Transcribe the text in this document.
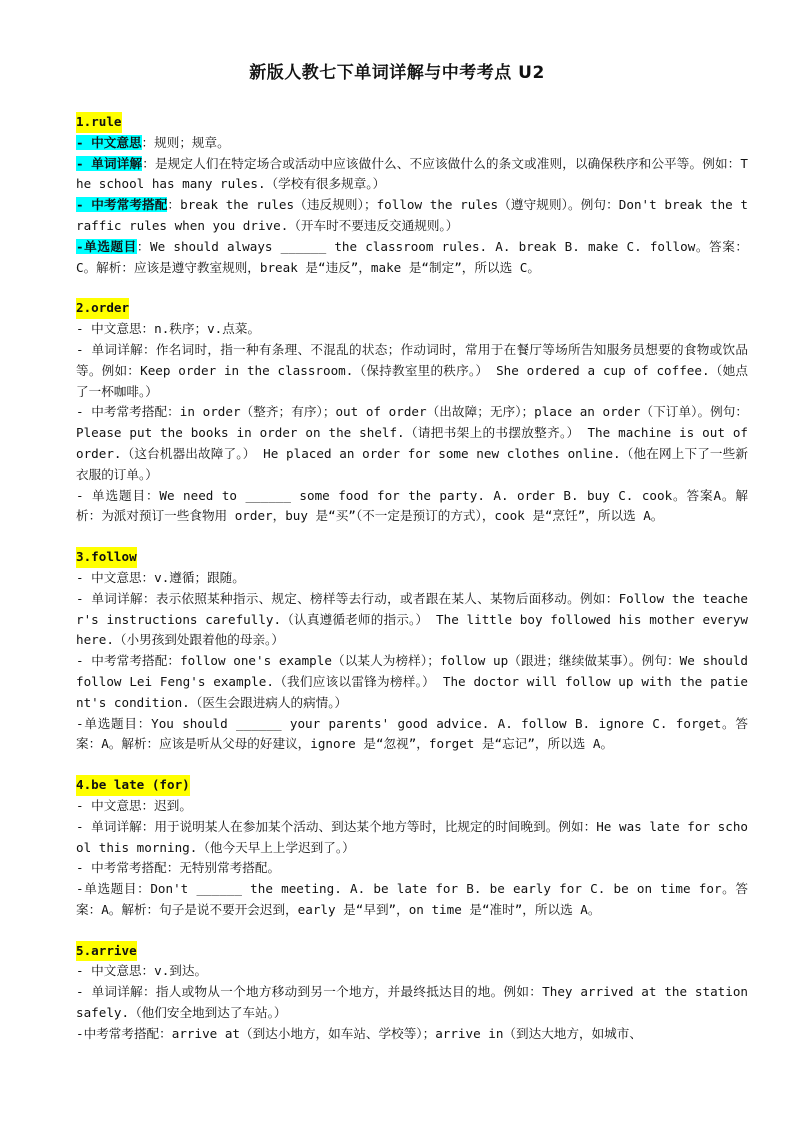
新版人教七下单词详解与中考考点 U2
1.rule

- 中文意思：规则；规章。

- 单词详解：是规定人们在特定场合或活动中应该做什么、不应该做什么的条文或准则，以确保秩序和公平等。例如：The school has many rules.（学校有很多规章。）

- 中考常考搭配：break the rules（违反规则）；follow the rules（遵守规则）。例句：Don't break the traffic rules when you drive.（开车时不要违反交通规则。）

-单选题目：We should always ______ the classroom rules. A. break B. make C. follow。答案：C。解析：应该是遵守教室规则，break 是“违反”，make 是“制定”，所以选 C。

2.order

- 中文意思：n.秩序；v.点菜。

- 单词详解：作名词时，指一种有条理、不混乱的状态；作动词时，常用于在餐厅等场所告知服务员想要的食物或饮品等。例如：Keep order in the classroom.（保持教室里的秩序。） She ordered a cup of coffee.（她点了一杯咖啡。）

- 中考常考搭配：in order（整齐；有序）；out of order（出故障；无序）；place an order（下订单）。例句：Please put the books in order on the shelf.（请把书架上的书摆放整齐。） The machine is out of order.（这台机器出故障了。） He placed an order for some new clothes online.（他在网上下了一些新衣服的订单。）

- 单选题目：We need to ______ some food for the party. A. order B. buy C. cook。答案A。解析：为派对预订一些食物用 order，buy 是“买”（不一定是预订的方式），cook 是“烹饪”，所以选 A。

3.follow

- 中文意思：v.遵循；跟随。

- 单词详解：表示依照某种指示、规定、榜样等去行动，或者跟在某人、某物后面移动。例如：Follow the teacher's instructions carefully.（认真遵循老师的指示。） The little boy followed his mother everywhere.（小男孩到处跟着他的母亲。）

- 中考常考搭配：follow one's example（以某人为榜样）；follow up（跟进；继续做某事）。例句：We should follow Lei Feng's example.（我们应该以雷锋为榜样。） The doctor will follow up with the patient's condition.（医生会跟进病人的病情。）

-单选题目：You should ______ your parents' good advice. A. follow B. ignore C. forget。答案：A。解析：应该是听从父母的好建议，ignore 是“忽视”，forget 是“忘记”，所以选 A。

4.be late (for)

- 中文意思：迟到。

- 单词详解：用于说明某人在参加某个活动、到达某个地方等时，比规定的时间晚到。例如：He was late for school this morning.（他今天早上上学迟到了。）

- 中考常考搭配：无特别常考搭配。

-单选题目：Don't ______ the meeting. A. be late for B. be early for C. be on time for。答案：A。解析：句子是说不要开会迟到，early 是“早到”，on time 是“准时”，所以选 A。

5.arrive

- 中文意思：v.到达。

- 单词详解：指人或物从一个地方移动到另一个地方，并最终抵达目的地。例如：They arrived at the station safely.（他们安全地到达了车站。）

-中考常考搭配：arrive at（到达小地方，如车站、学校等）；arrive in（到达大地方，如城市、
